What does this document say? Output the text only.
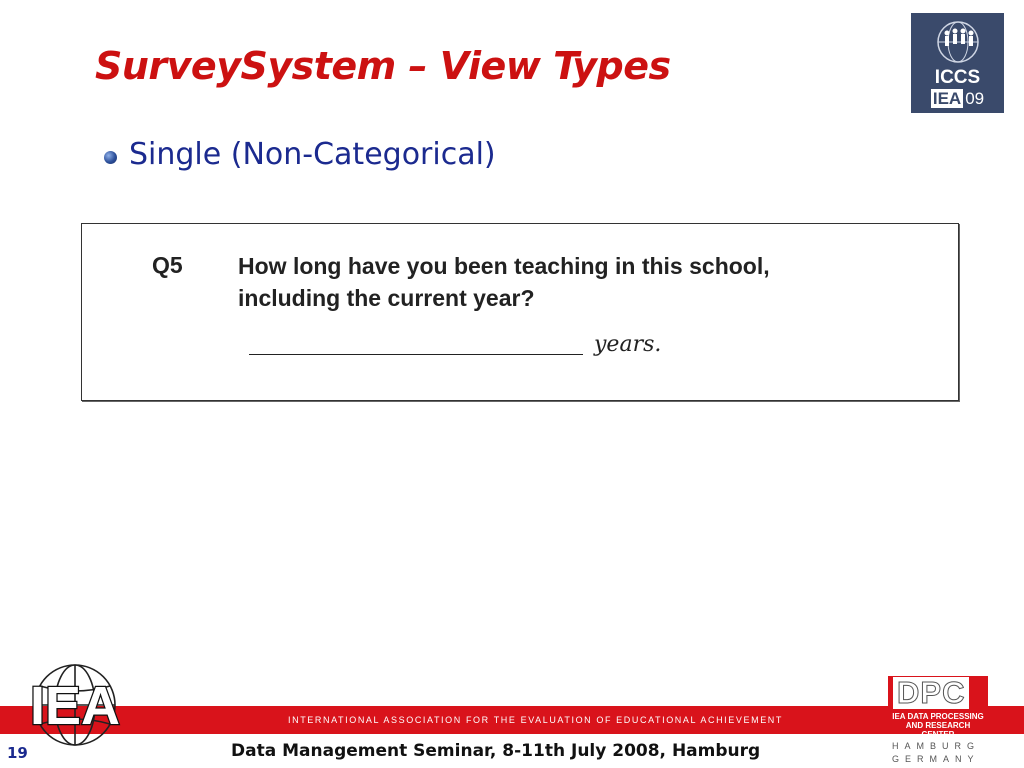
SurveySystem – View Types	ICCS
IEA 09
Single (Non-Categorical)
Q5 How long have you been teaching in this school,
including the current year?
years.
INTERNATIONAL ASSOCIATION FOR THE EVALUATION OF EDUCATIONAL ACHIEVEMENT
IEA
19	Data Management Seminar, 8-11th July 2008, Hamburg
DPC
IEA DATA PROCESSING
AND RESEARCH CENTER
HAMBURG
GERMANY
